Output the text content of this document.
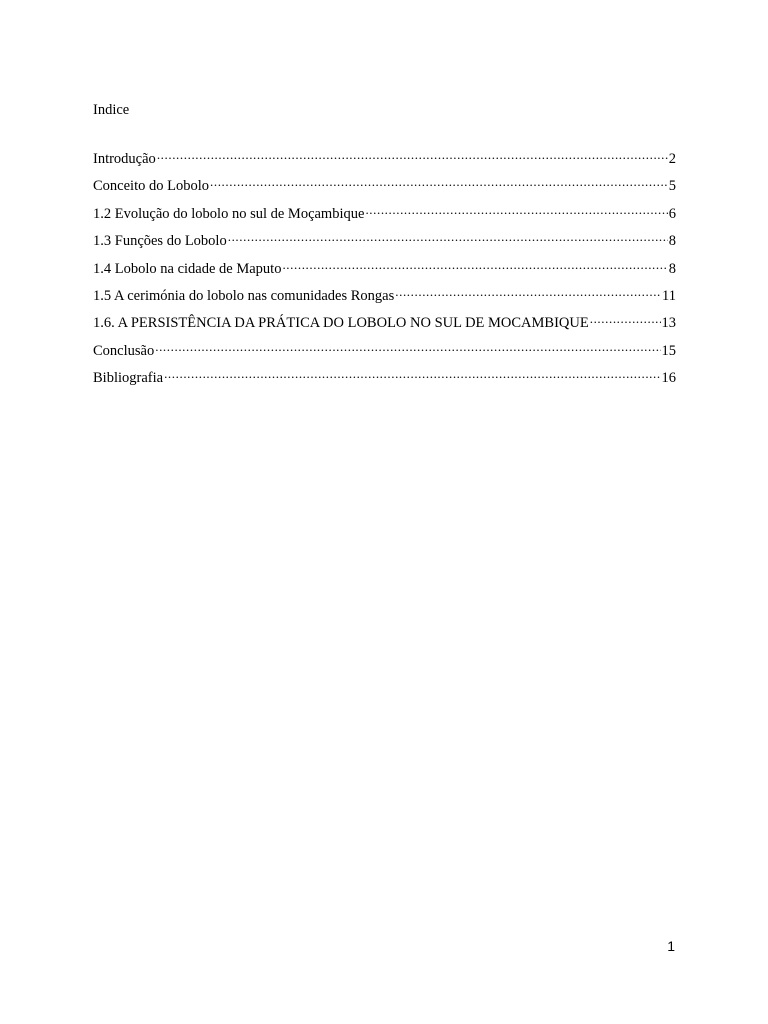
Indice
Introdução .....	2
Conceito do Lobolo .....	5
1.2 Evolução do lobolo no sul de Moçambique .....	6
1.3 Funções do Lobolo .....	8
1.4 Lobolo na cidade de Maputo .....	8
1.5 A cerimónia do lobolo nas comunidades Rongas .....	11
1.6. A PERSISTÊNCIA DA PRÁTICA DO LOBOLO NO SUL DE MOCAMBIQUE .....	13
Conclusão .....	15
Bibliografia .....	16
1
